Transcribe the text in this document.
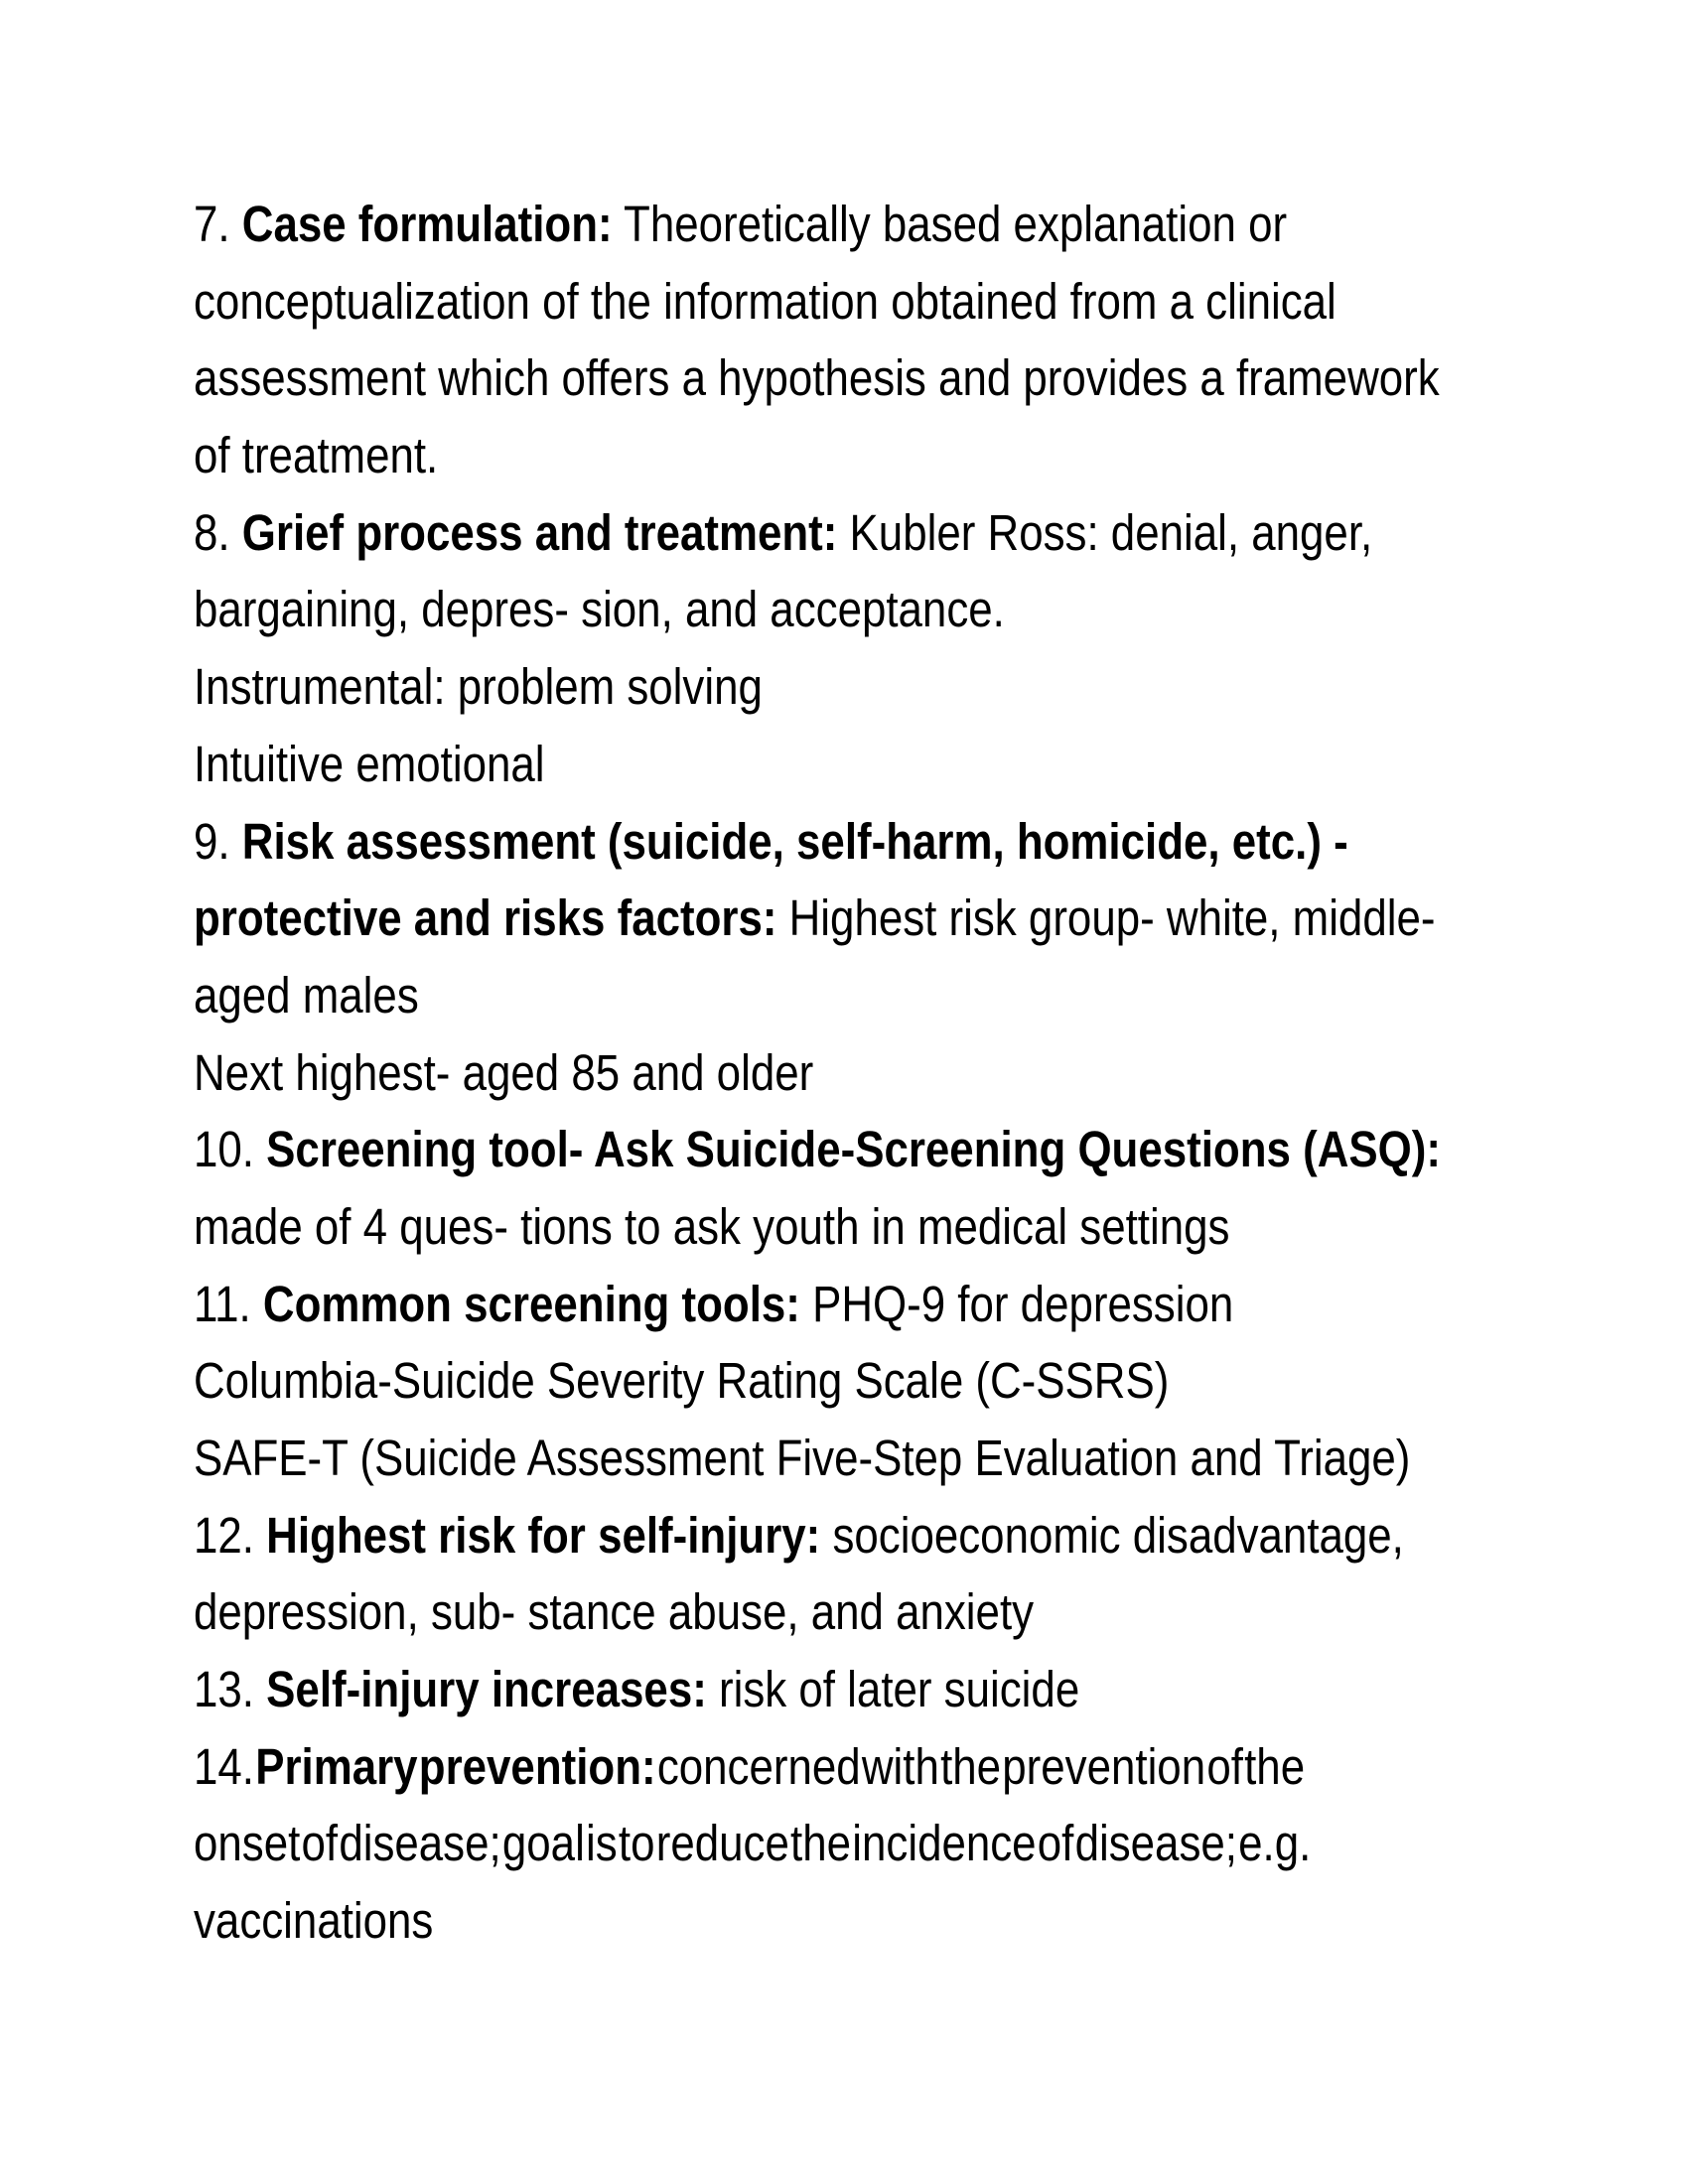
7. Case formulation: Theoretically based explanation or
conceptualization of the information obtained from a clinical
assessment which offers a hypothesis and provides a framework
of treatment.
8. Grief process and treatment: Kubler Ross: denial, anger,
bargaining, depres- sion, and acceptance.
Instrumental: problem solving
Intuitive emotional
9. Risk assessment (suicide, self-harm, homicide, etc.) -
protective and risks factors: Highest risk group- white, middle-
aged males
Next highest- aged 85 and older
10. Screening tool- Ask Suicide-Screening Questions (ASQ):
made of 4 ques- tions to ask youth in medical settings
11. Common screening tools: PHQ-9 for depression
Columbia-Suicide Severity Rating Scale (C-SSRS)
SAFE-T (Suicide Assessment Five-Step Evaluation and Triage)
12. Highest risk for self-injury: socioeconomic disadvantage,
depression, sub- stance abuse, and anxiety
13. Self-injury increases: risk of later suicide
14. Primary prevention: concerned with the prevention of the
onset of disease; goal is to reduce the incidence of disease; e.g.
vaccinations
